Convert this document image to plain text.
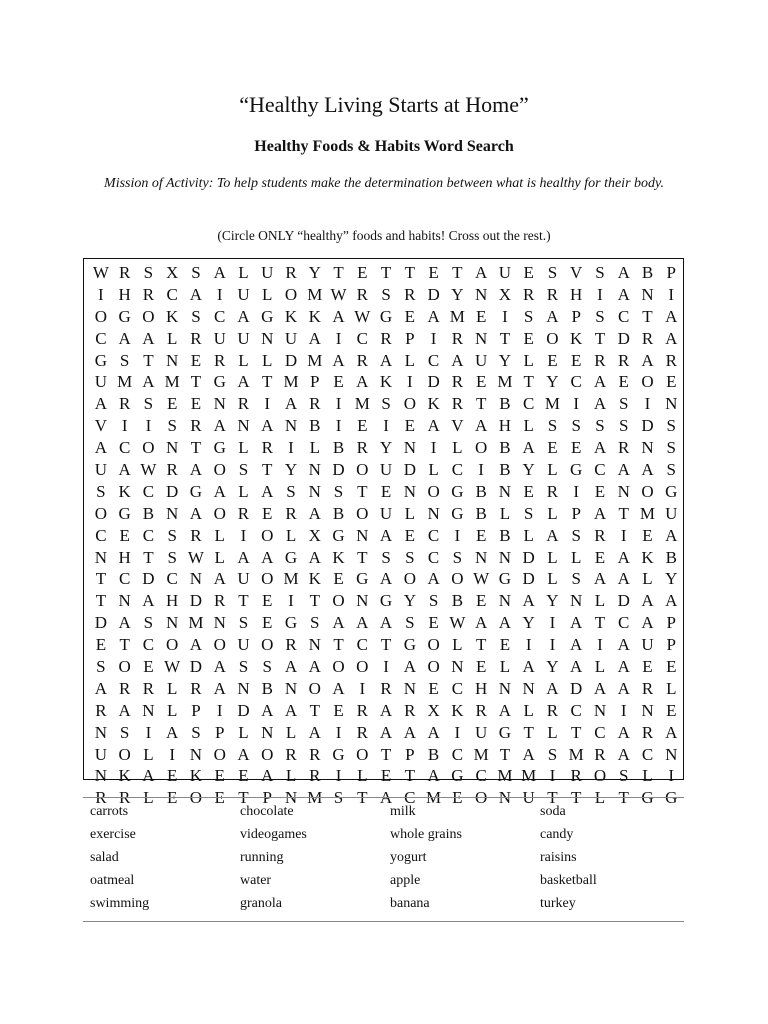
“Healthy Living Starts at Home”
Healthy Foods & Habits Word Search
Mission of Activity: To help students make the determination between what is healthy for their body.
(Circle ONLY “healthy” foods and habits! Cross out the rest.)
W R S X S A L U R Y T E T T E T A U E S V S A B P
I H R C A I U L O M W R S R D Y N X R R H I A N I
O G O K S C A G K K A W G E A M E I S A P S C T A
C A A L R U U N U A I C R P I R N T E O K T D R A
G S T N E R L L D M A R A L C A U Y L E E R R A R
U M A M T G A T M P E A K I D R E M T Y C A E O E
A R S E E N R I A R I M S O K R T B C M I A S I N
V I	I S R A N A N B I E I E A V A H L S S S S D S
A C O N T G L R I L B R Y N I L O B A E E A R N S
U A W R A O S T Y N D O U D L C I B Y L G C A A S
S K C D G A L A S N S T E N O G B N E R I E N O G
O G B N A O R E R A B O U L N G B L S L P A T M U
C E C S R L I O L X G N A E C I E B L A S R I E A
N H T S W L A A G A K T S S C S N N D L L E A K B
T C D C N A U O M K E G A O A O W G D L S A A L Y
T N A H D R T E I T O N G Y S B E N A Y N L D A A
D A S N M N S E G S A A A S E W A A Y I A T C A P
E T C O A O U O R N T C T G O L T E I	I A I A U P
S O E W D A S S A A O O I A O N E L A Y A L A E E
A R R L R A N B N O A I R N E C H N N A D A A R L
R A N L P I D A A T E R A R X K R A L R C N I N E
N S I A S P L N L A I R A A A I U G T L T C A R A
U O L I N O A O R R G O T P B C M T A S M R A C N
N K A E K E E A L R I L E T A G C M M I R O S L I
R R L E O E T P N M S T A C M E O N U T T L T G G
carrots
exercise
salad
oatmeal
swimming
chocolate
videogames
running
water
granola
milk
whole grains
yogurt
apple
banana
soda
candy
raisins
basketball
turkey
